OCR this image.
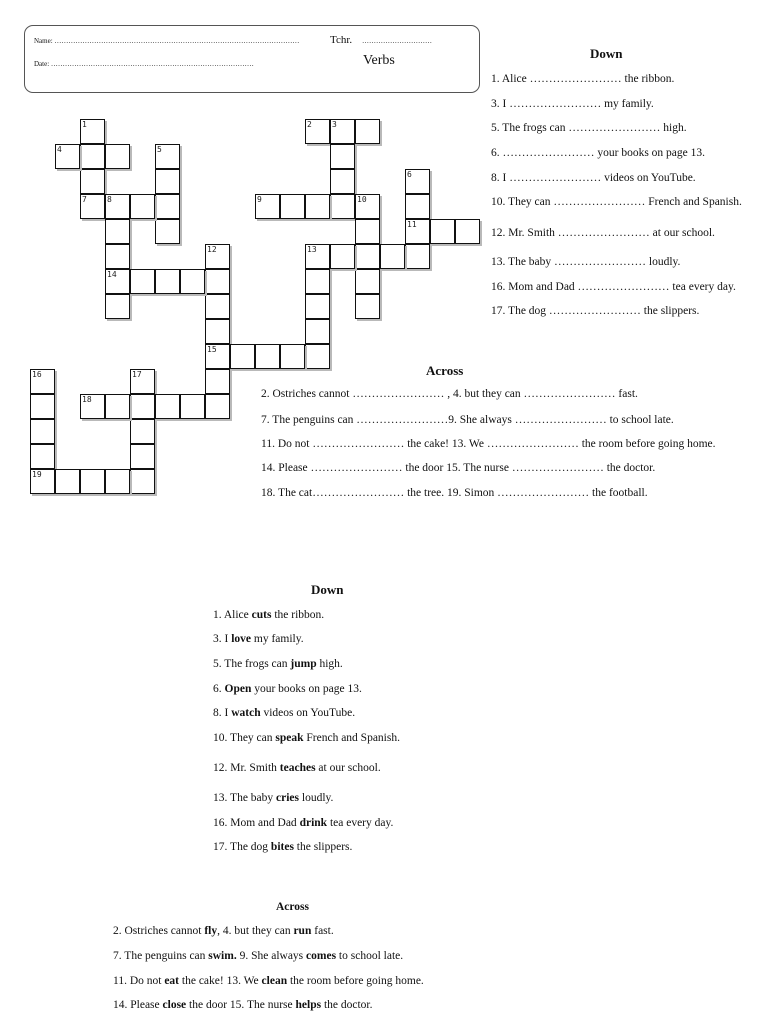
Name: ……………………………………………………………………………………………	Tchr. …………………………
Date: ……………………………………………………………………………	Verbs
1	2	3
4	5
6
11
7	8
14
9	10
12
15
13
16
19
17
18
Down
1. Alice …………………… the ribbon.
3. I …………………… my family.
5. The frogs can …………………… high.
6. …………………… your books on page 13.
8. I …………………… videos on YouTube.
10. They can …………………… French and Spanish.
12. Mr. Smith …………………… at our school.
13. The baby …………………… loudly.
16. Mom and Dad …………………… tea every day.
17. The dog …………………… the slippers.
Across
2. Ostriches cannot …………………… , 4. but they can …………………… fast.
7. The penguins can ……………………9. She always …………………… to school late.
11. Do not …………………… the cake! 13. We …………………… the room before going home.
14. Please …………………… the door 15. The nurse …………………… the doctor.
18. The cat…………………… the tree. 19. Simon …………………… the football.
Down
1. Alice cuts the ribbon.
3. I love my family.
5. The frogs can jump high.
6. Open your books on page 13.
8. I watch videos on YouTube.
10. They can speak French and Spanish.
12. Mr. Smith teaches at our school.
13. The baby cries loudly.
16. Mom and Dad drink tea every day.
17. The dog bites the slippers.
Across
2. Ostriches cannot fly, 4. but they can run fast.
7. The penguins can swim. 9. She always comes to school late.
11. Do not eat the cake! 13. We clean the room before going home.
14. Please close the door 15. The nurse helps the doctor.
